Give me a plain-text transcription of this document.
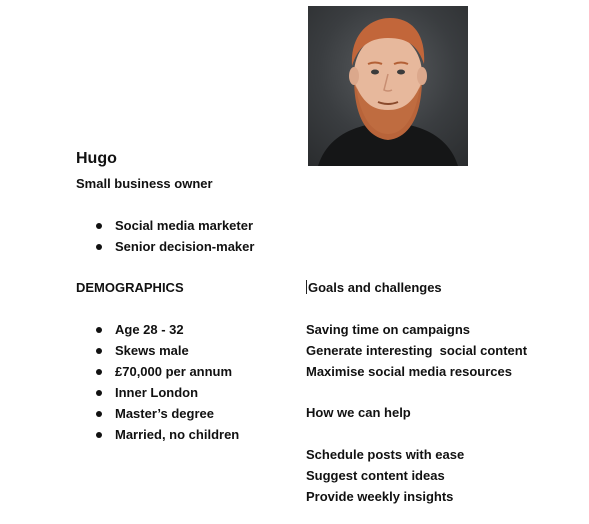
Hugo
Small business owner
Social media marketer
Senior decision-maker
DEMOGRAPHICS
Age 28 - 32
Skews male
£70,000 per annum
Inner London
Master’s degree
Married, no children
Goals and challenges
Saving time on campaigns
Generate interesting  social content
Maximise social media resources
How we can help
Schedule posts with ease
Suggest content ideas
Provide weekly insights
